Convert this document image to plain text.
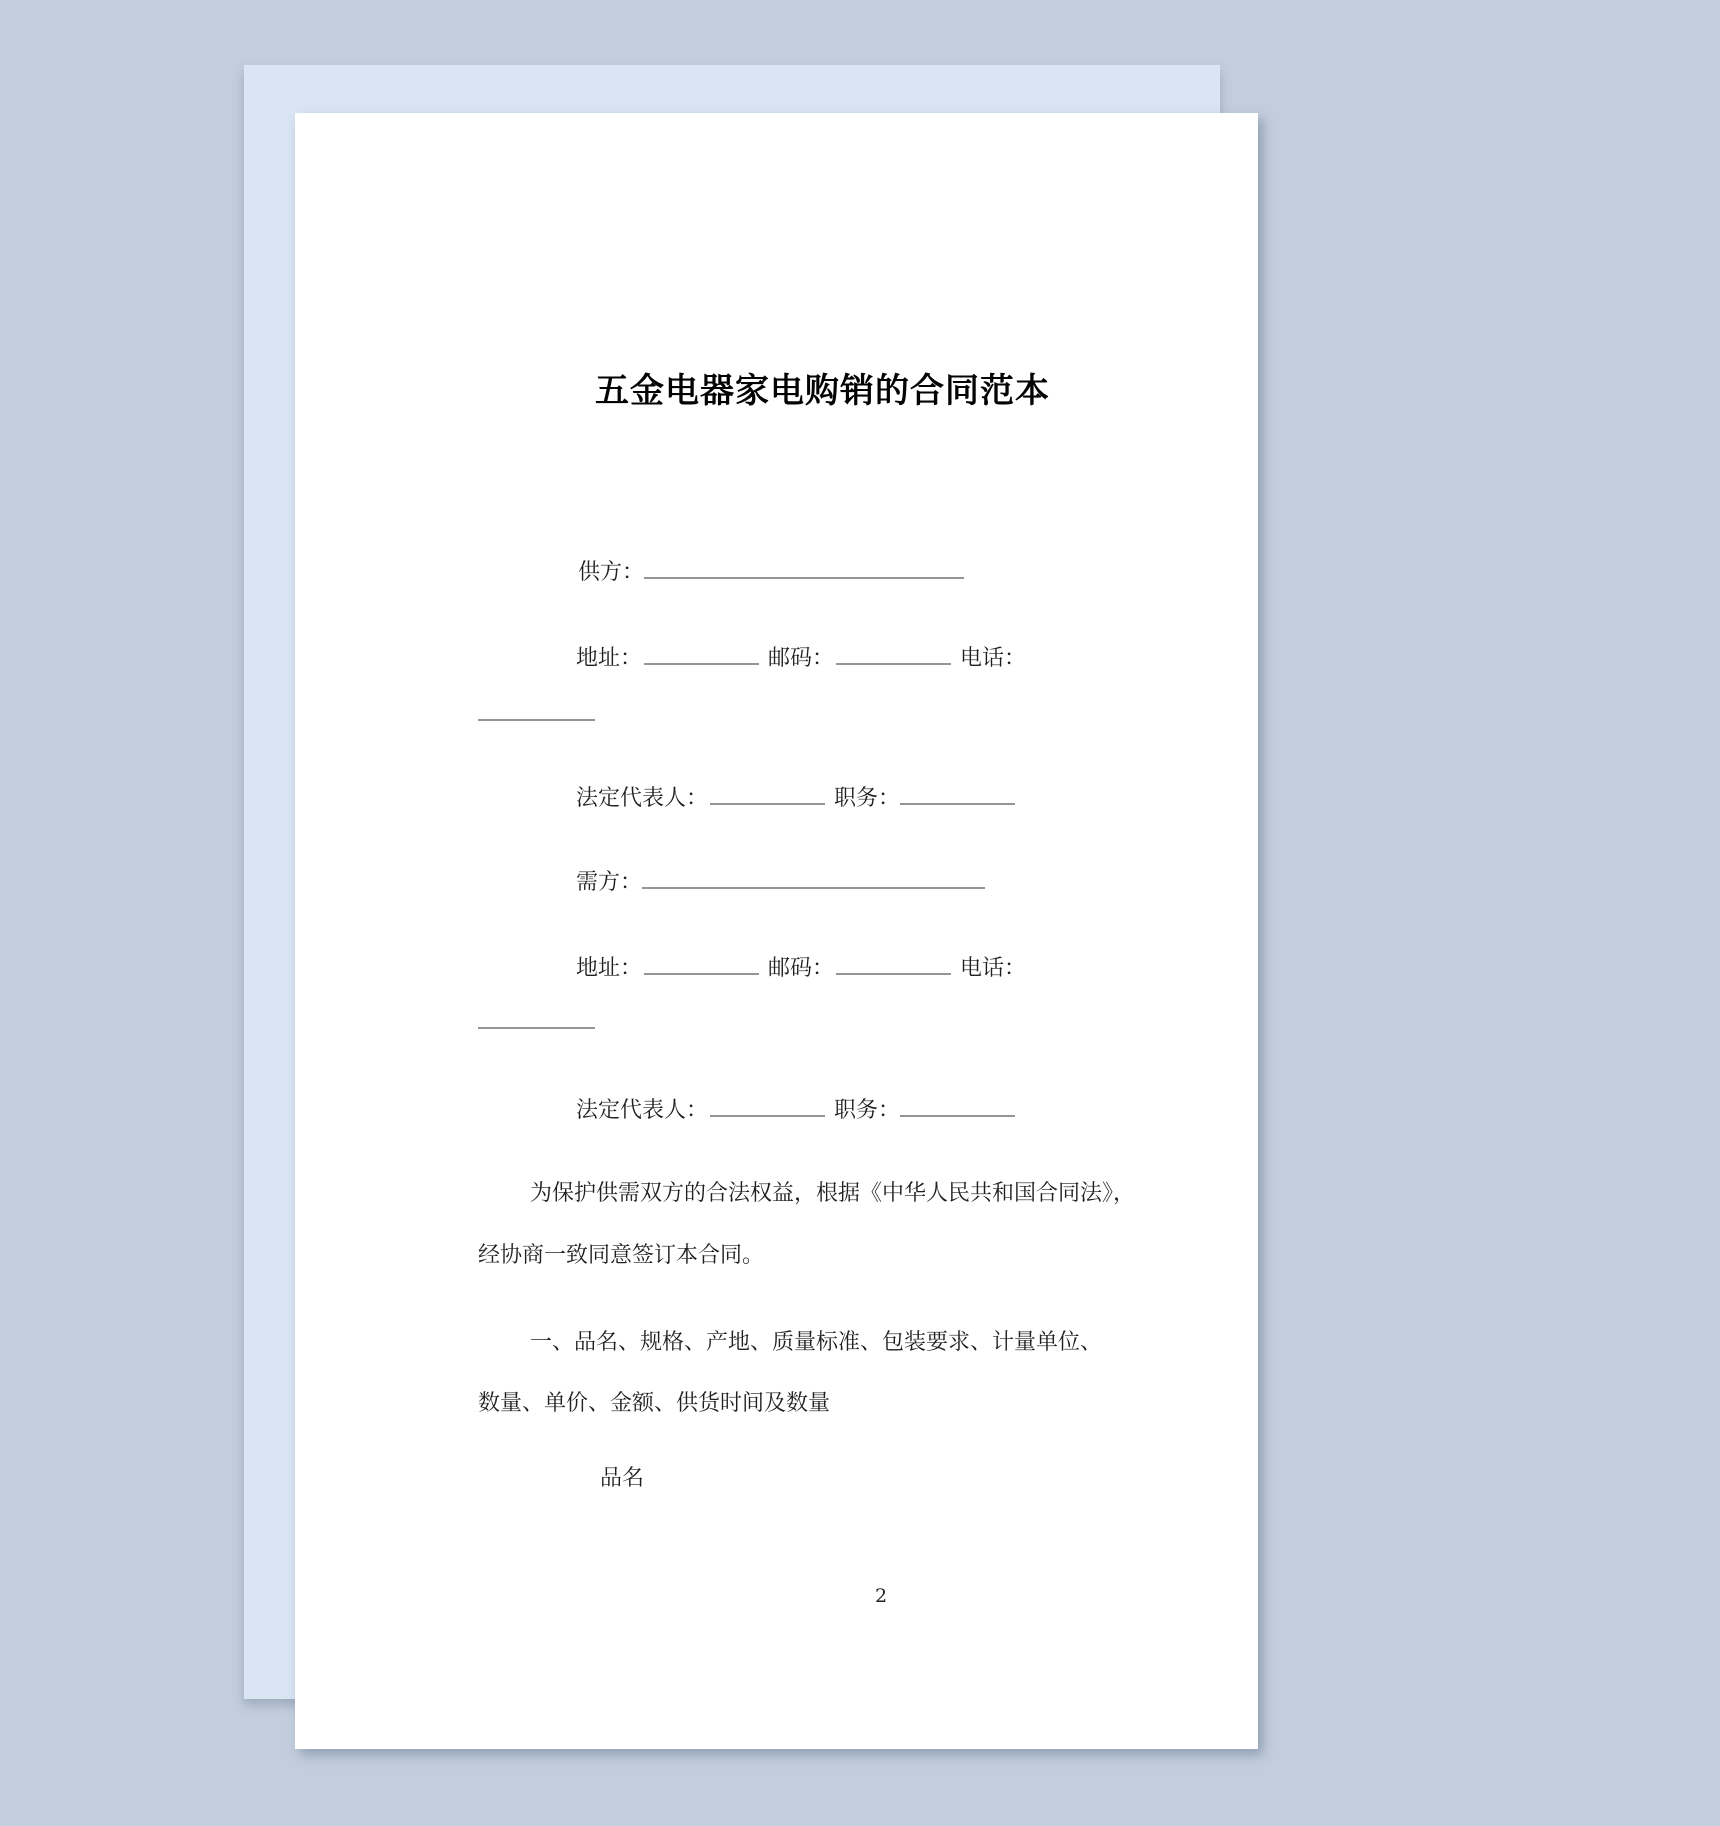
五金电器家电购销的合同范本
供方：
地址：	邮码：	电话：
法定代表人：	职务：
需方：
地址：	邮码：	电话：
法定代表人：	职务：
为保护供需双方的合法权益，根据《中华人民共和国合同法》，
经协商一致同意签订本合同。
一、品名、规格、产地、质量标准、包装要求、计量单位、
数量、单价、金额、供货时间及数量
品名
2
